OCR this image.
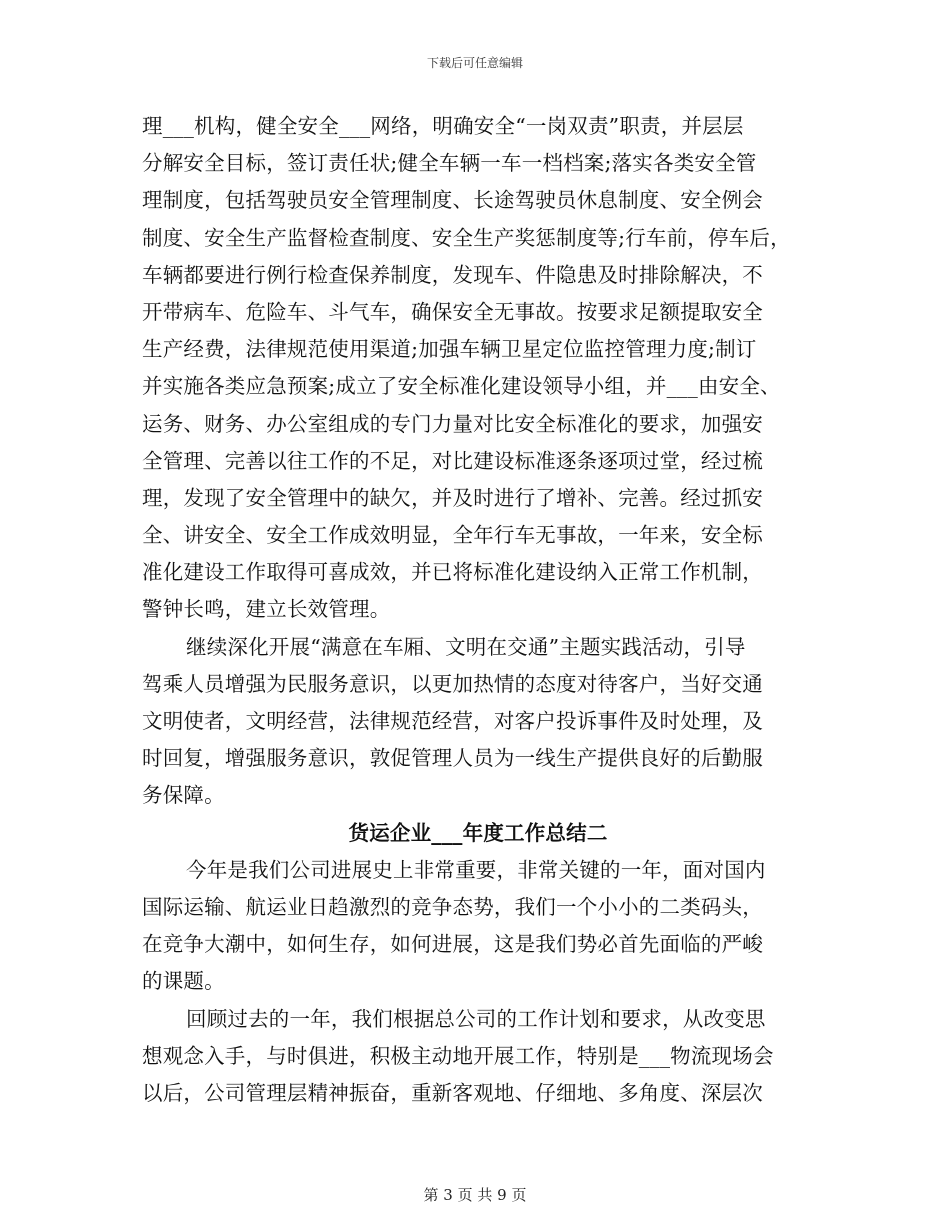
下载后可任意编辑
理___机构，健全安全___网络，明确安全“一岗双责”职责，并层层
分解安全目标，签订责任状;健全车辆一车一档档案;落实各类安全管
理制度，包括驾驶员安全管理制度、长途驾驶员休息制度、安全例会
制度、安全生产监督检查制度、安全生产奖惩制度等;行车前，停车后，
车辆都要进行例行检查保养制度，发现车、件隐患及时排除解决，不
开带病车、危险车、斗气车，确保安全无事故。按要求足额提取安全
生产经费，法律规范使用渠道;加强车辆卫星定位监控管理力度;制订
并实施各类应急预案;成立了安全标准化建设领导小组，并___由安全、
运务、财务、办公室组成的专门力量对比安全标准化的要求，加强安
全管理、完善以往工作的不足，对比建设标准逐条逐项过堂，经过梳
理，发现了安全管理中的缺欠，并及时进行了增补、完善。经过抓安
全、讲安全、安全工作成效明显，全年行车无事故，一年来，安全标
准化建设工作取得可喜成效，并已将标准化建设纳入正常工作机制，
警钟长鸣，建立长效管理。
继续深化开展“满意在车厢、文明在交通”主题实践活动，引导
驾乘人员增强为民服务意识，以更加热情的态度对待客户，当好交通
文明使者，文明经营，法律规范经营，对客户投诉事件及时处理，及
时回复，增强服务意识，敦促管理人员为一线生产提供良好的后勤服
务保障。
货运企业___年度工作总结二
今年是我们公司进展史上非常重要，非常关键的一年，面对国内
国际运输、航运业日趋激烈的竞争态势，我们一个小小的二类码头，
在竞争大潮中，如何生存，如何进展，这是我们势必首先面临的严峻
的课题。
回顾过去的一年，我们根据总公司的工作计划和要求，从改变思
想观念入手，与时俱进，积极主动地开展工作，特别是___物流现场会
以后，公司管理层精神振奋，重新客观地、仔细地、多角度、深层次
第 3 页 共 9 页
